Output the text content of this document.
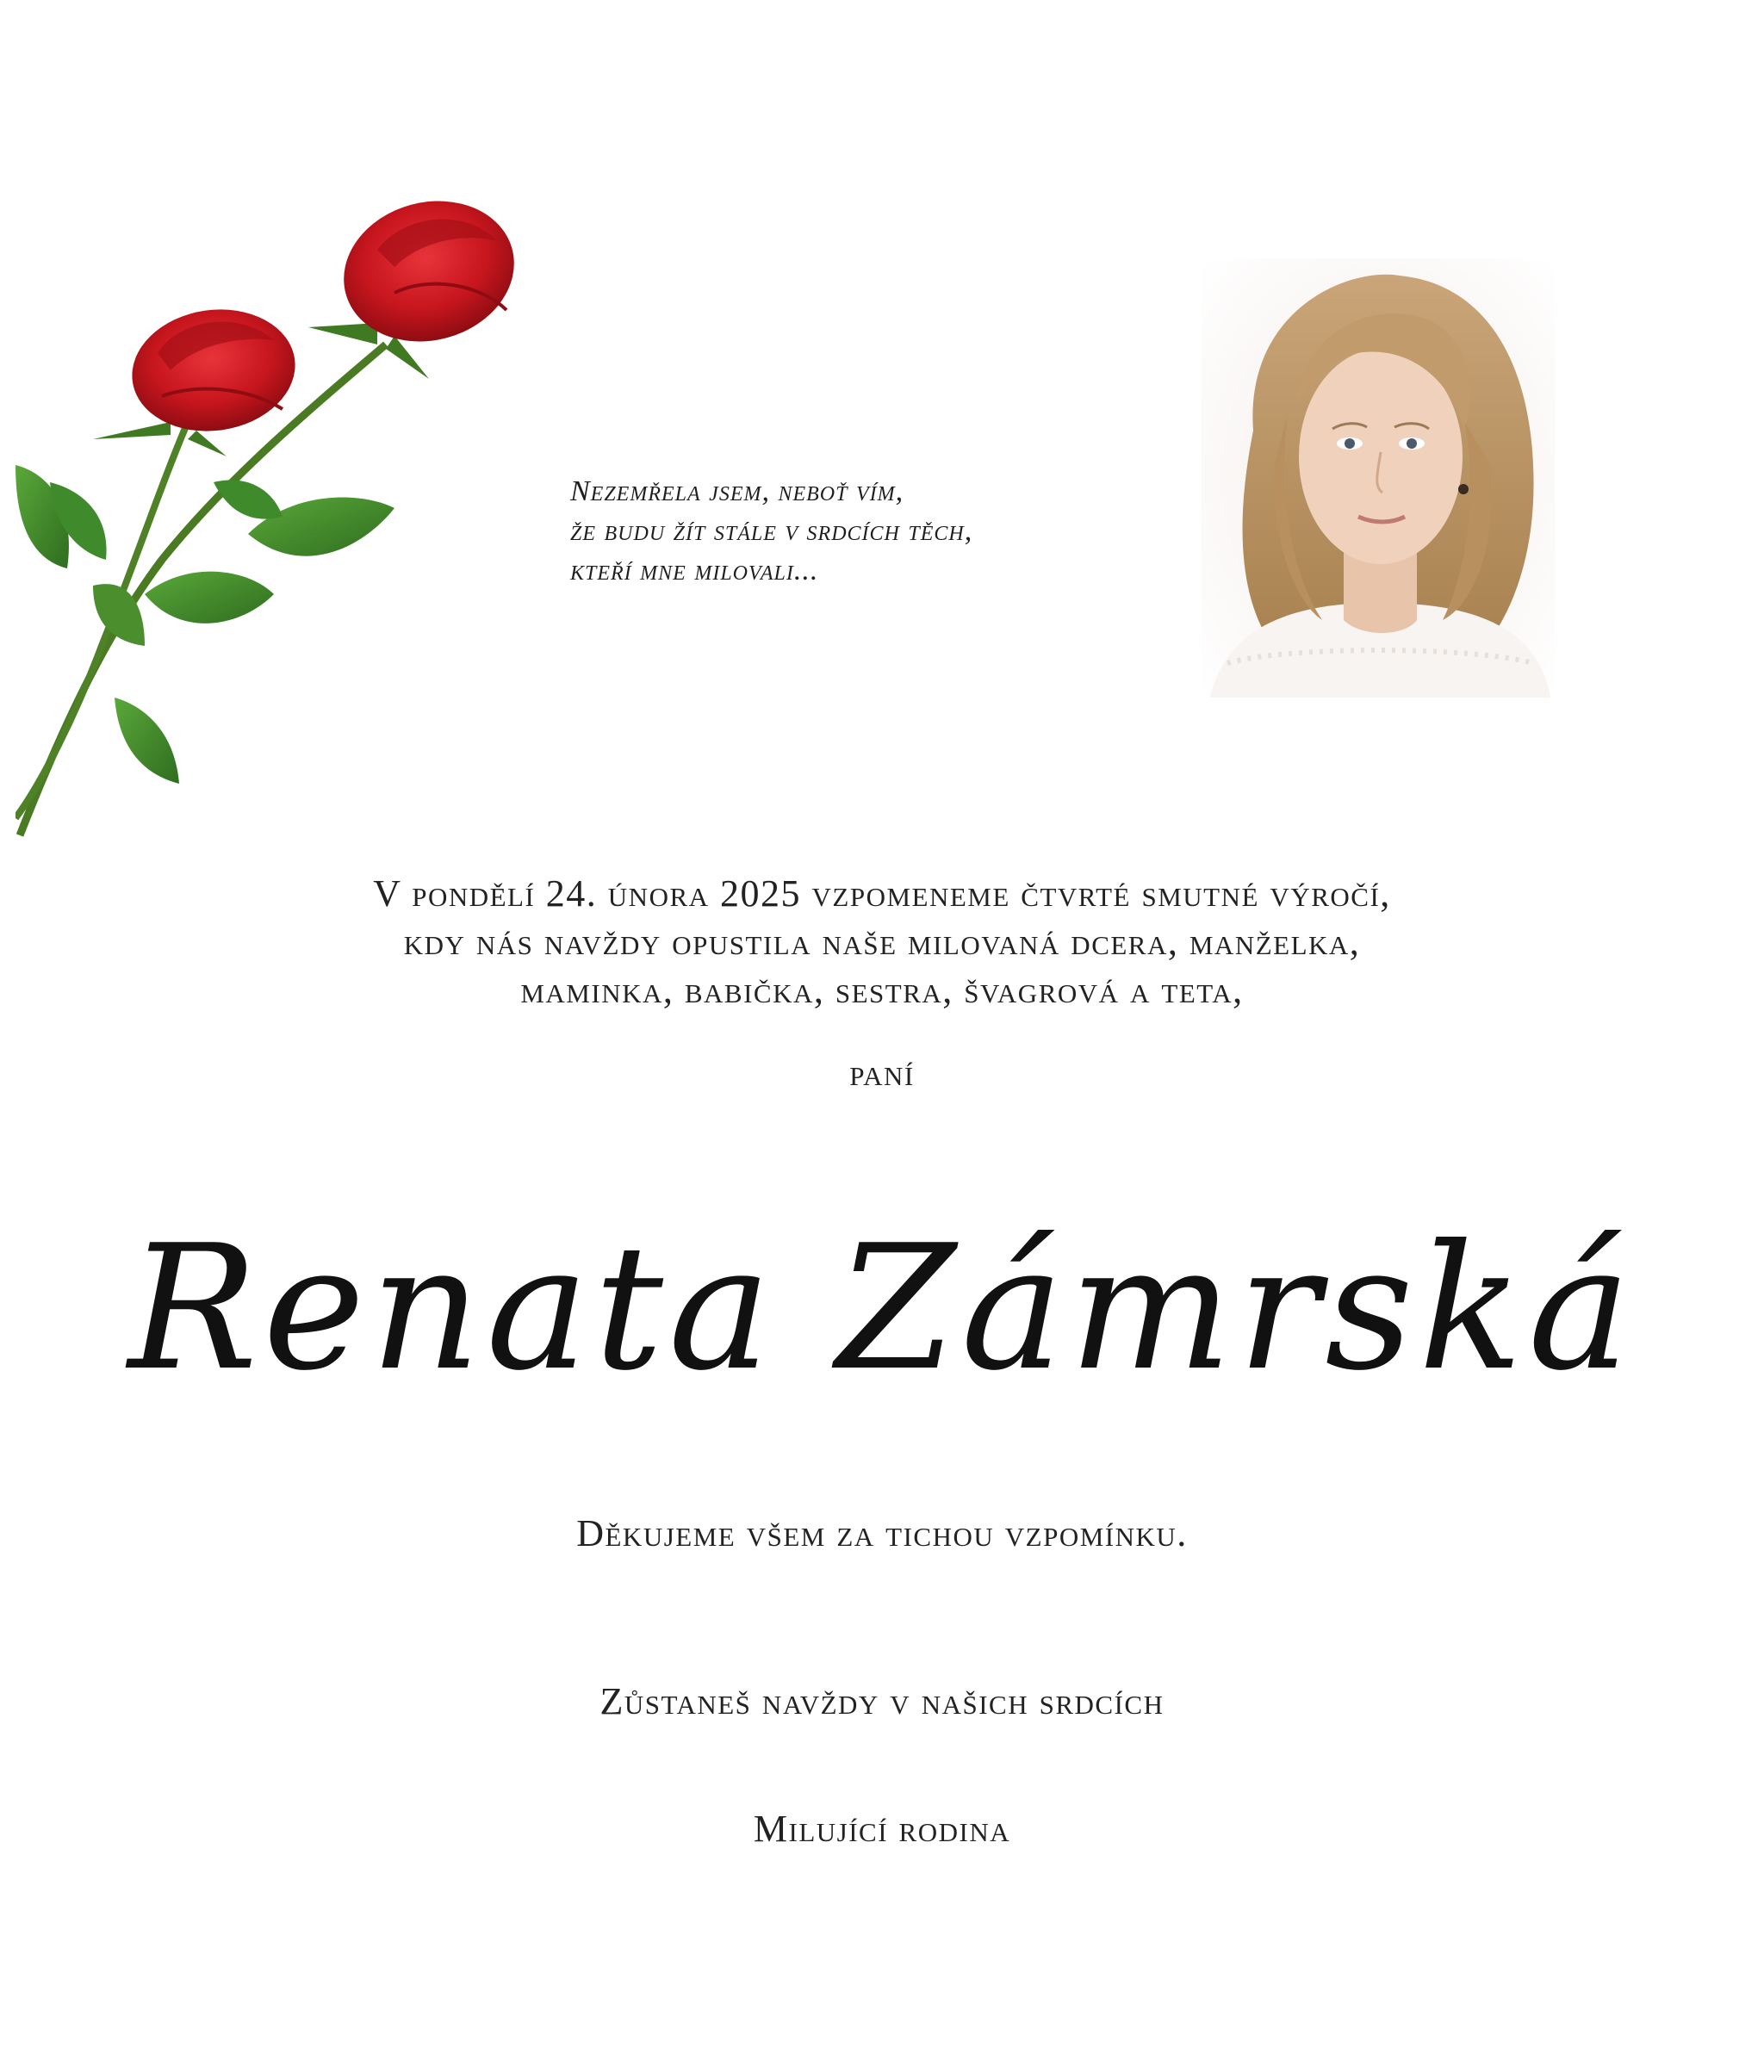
Nezemřela jsem, neboť vím,
že budu žít stále v srdcích těch,
kteří mne milovali...
V pondělí 24. února 2025 vzpomeneme čtvrté smutné výročí,
kdy nás navždy opustila naše milovaná dcera, manželka,
maminka, babička, sestra, švagrová a teta,
paní
Renata Zámrská
Děkujeme všem za tichou vzpomínku.
Zůstaneš navždy v našich srdcích
Milující rodina
